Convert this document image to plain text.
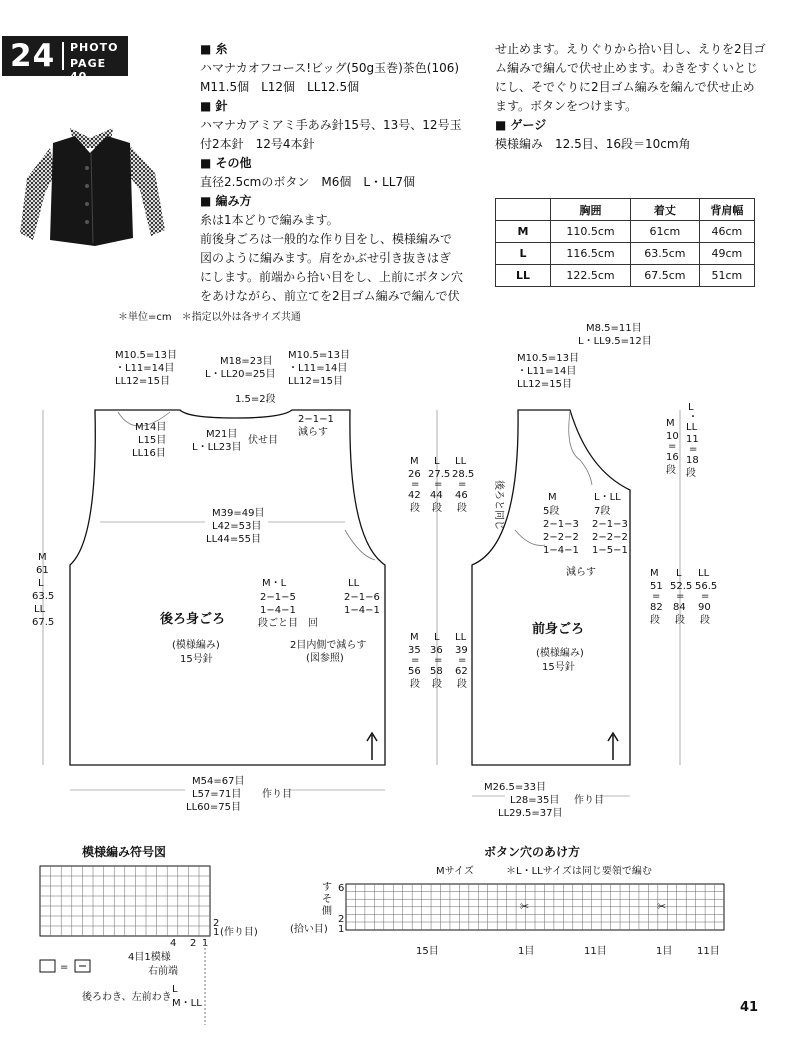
24 PHOTO
PAGE 40
■ 糸
ハマナカオフコース!ビッグ(50g玉巻)茶色(106)
M11.5個　L12個　LL12.5個
■ 針
ハマナカアミアミ手あみ針15号、13号、12号玉
付2本針　12号4本針
■ その他
直径2.5cmのボタン　M6個　L・LL7個
■ 編み方
糸は1本どりで編みます。
前後身ごろは一般的な作り目をし、模様編みで
図のように編みます。肩をかぶせ引き抜きはぎ
にします。前端から拾い目をし、上前にボタン穴
をあけながら、前立てを2目ゴム編みで編んで伏
せ止めます。えりぐりから拾い目し、えりを2目ゴ
ム編みで編んで伏せ止めます。わきをすくいとじ
にし、そでぐりに2目ゴム編みを編んで伏せ止め
ます。ボタンをつけます。
■ ゲージ
模様編み　12.5目、16段＝10cm角
	胸囲	着丈	背肩幅
M	110.5cm	61cm	46cm
L	116.5cm	63.5cm	49cm
LL	122.5cm	67.5cm	51cm
＊単位=cm　＊指定以外は各サイズ共通
M10.5=13目
・L11=14目
LL12=15目
M18=23目
L・LL20=25目
M10.5=13目
・L11=14目
LL12=15目
1.5=2段
2−1−1
減らす
M14目
L15目
LL16目
M21目
L・LL23目
伏せ目
M39=49目
L42=53目
LL44=55目
M・L
2−1−5
1−4−1
段ごと目　回
LL
2−1−6
1−4−1
2目内側で減らす
(図参照)
後ろ身ごろ
(模様編み)
15号針
M
61
L
63.5
LL
67.5
M54=67目
L57=71目
LL60=75目
作り目
M
26
=
42
段
L
27.5
=
44
段
LL
28.5
=
46
段
M
35
=
56
段
L
36
=
58
段
LL
39
=
62
段
M8.5=11目
L・LL9.5=12目
M10.5=13目
・L11=14目
LL12=15目
後ろと同じ	M
5段
2−1−3
2−2−2
1−4−1
L・LL
7段
2−1−3
2−2−2
1−5−1
減らす
前身ごろ
(模様編み)
15号針
M
10
=
16
段
L
・
LL
11
=
18
段
M
51
=
82
段
L
52.5
=
84
段
LL
56.5
=
90
段
M26.5=33目
L28=35目
LL29.5=37目
作り目
模様編み符号図
2
1 (作り目)
4 2 1
=
4目1模様
右前端
後ろわき、左前わき
L
M・LL
ボタン穴のあけ方
Mサイズ	＊L・LLサイズは同じ要領で編む
す
そ
側
6
2
1
(拾い目)
15目	1目	11目	1目 11目
✂	✂
41
